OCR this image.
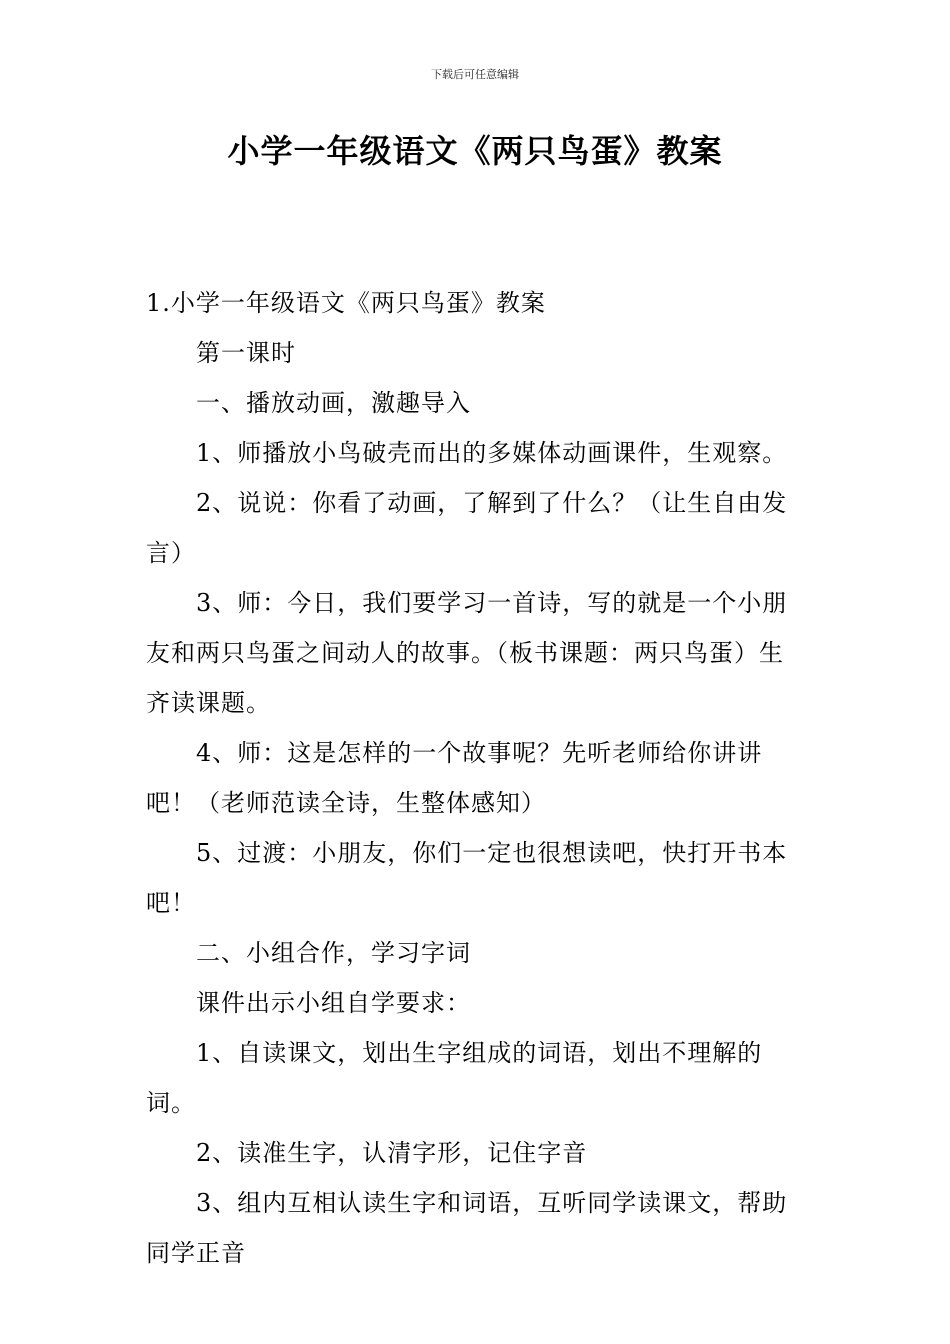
下载后可任意编辑
小学一年级语文《两只鸟蛋》教案

1.小学一年级语文《两只鸟蛋》教案

第一课时

一、播放动画，激趣导入

1、师播放小鸟破壳而出的多媒体动画课件，生观察。

2、说说：你看了动画，了解到了什么？（让生自由发言）

3、师：今日，我们要学习一首诗，写的就是一个小朋友和两只鸟蛋之间动人的故事。（板书课题：两只鸟蛋）生齐读课题。

4、师：这是怎样的一个故事呢？先听老师给你讲讲吧！（老师范读全诗，生整体感知）

5、过渡：小朋友，你们一定也很想读吧，快打开书本吧！

二、小组合作，学习字词

课件出示小组自学要求：

1、自读课文，划出生字组成的词语，划出不理解的词。

2、读准生字，认清字形，记住字音

3、组内互相认读生字和词语，互听同学读课文，帮助同学正音
